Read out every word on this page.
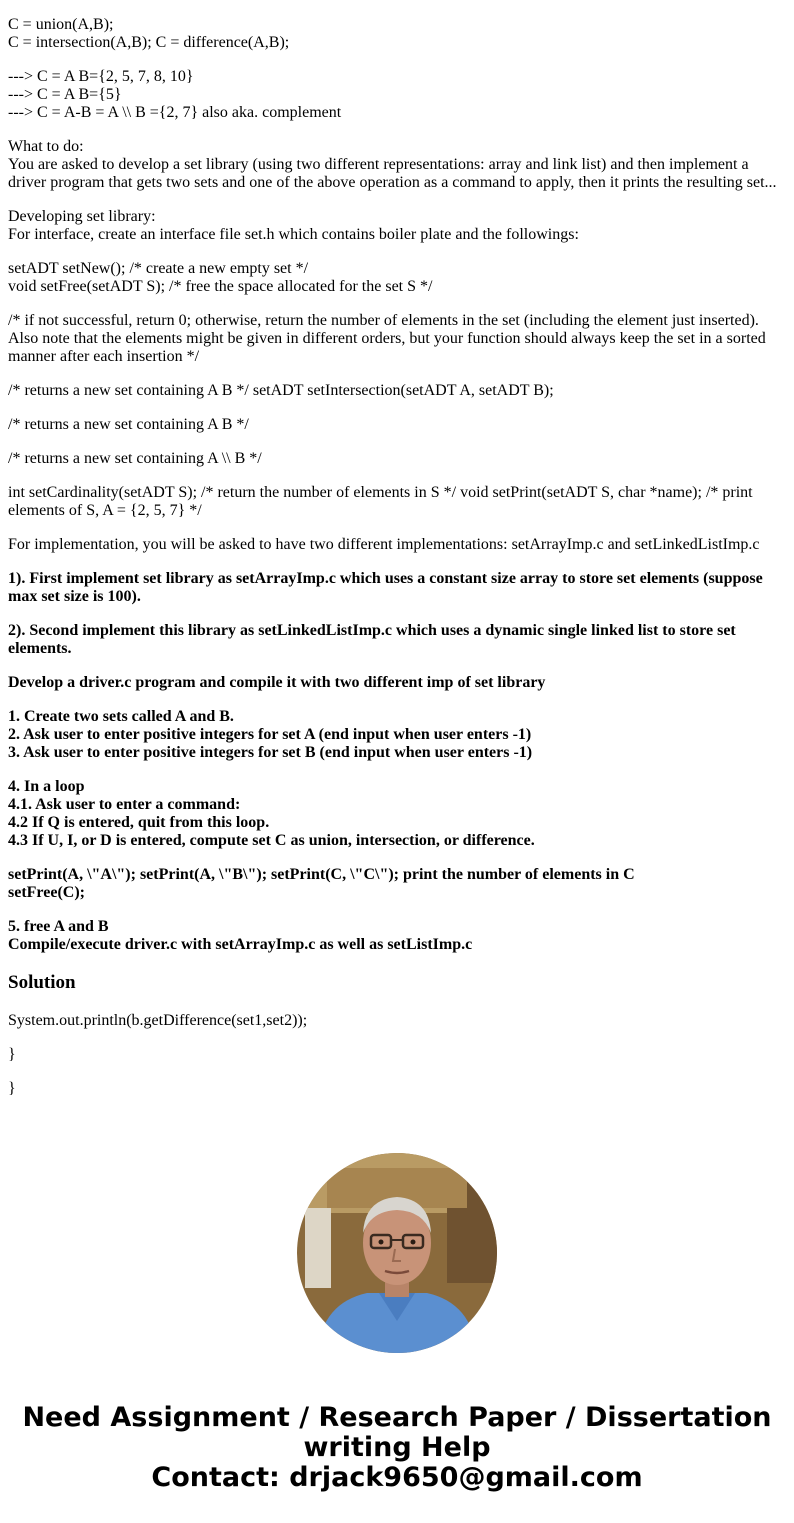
C = union(A,B);
C = intersection(A,B); C = difference(A,B);

---> C = A B={2, 5, 7, 8, 10}
---> C = A B={5}
---> C = A-B = A \\ B ={2, 7} also aka. complement

What to do:
You are asked to develop a set library (using two different representations: array and link list) and then implement a driver program that gets two sets and one of the above operation as a command to apply, then it prints the resulting set...

Developing set library:
For interface, create an interface file set.h which contains boiler plate and the followings:

setADT setNew(); /* create a new empty set */
void setFree(setADT S); /* free the space allocated for the set S */

/* if not successful, return 0; otherwise, return the number of elements in the set (including the element just inserted). Also note that the elements might be given in different orders, but your function should always keep the set in a sorted manner after each insertion */

/* returns a new set containing A B */ setADT setIntersection(setADT A, setADT B);

/* returns a new set containing A B */

/* returns a new set containing A \\ B */

int setCardinality(setADT S); /* return the number of elements in S */ void setPrint(setADT S, char *name); /* print elements of S, A = {2, 5, 7} */

For implementation, you will be asked to have two different implementations: setArrayImp.c and setLinkedListImp.c

1). First implement set library as setArrayImp.c which uses a constant size array to store set elements (suppose max set size is 100).

2). Second implement this library as setLinkedListImp.c which uses a dynamic single linked list to store set elements.

Develop a driver.c program and compile it with two different imp of set library

1. Create two sets called A and B.
2. Ask user to enter positive integers for set A (end input when user enters -1)
3. Ask user to enter positive integers for set B (end input when user enters -1)

4. In a loop
4.1. Ask user to enter a command:
4.2 If Q is entered, quit from this loop.
4.3 If U, I, or D is entered, compute set C as union, intersection, or difference.

setPrint(A, \"A\"); setPrint(A, \"B\"); setPrint(C, \"C\"); print the number of elements in C
setFree(C);

5. free A and B
Compile/execute driver.c with setArrayImp.c as well as setListImp.c

Solution

System.out.println(b.getDifference(set1,set2));

}

}

Need Assignment / Research Paper / Dissertation
writing Help
Contact: drjack9650@gmail.com
